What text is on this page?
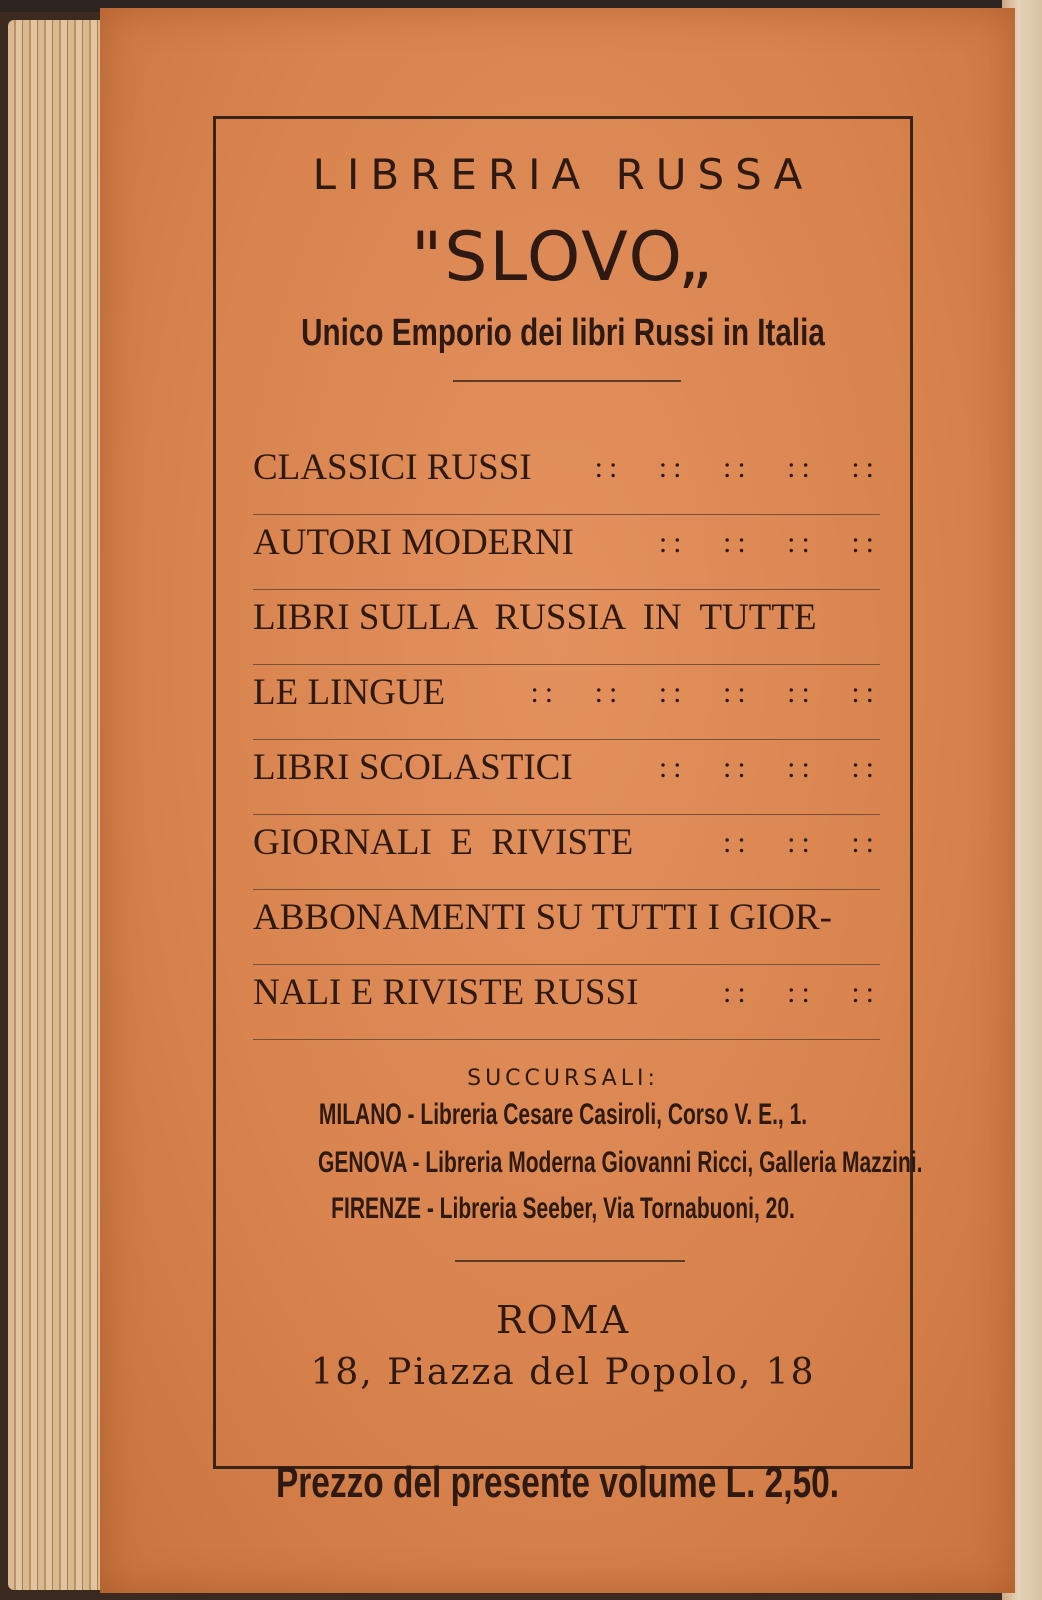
LIBRERIA RUSSA
"SLOVO„
Unico Emporio dei libri Russi in Italia
CLASSICI RUSSI :: :: :: :: ::
AUTORI MODERNI	:: :: :: ::
LIBRI SULLA  RUSSIA  IN  TUTTE
LE LINGUE	:: :: :: :: :: ::
LIBRI SCOLASTICI	:: :: :: ::
GIORNALI  E  RIVISTE	:: :: ::
ABBONAMENTI SU TUTTI I GIOR-
NALI E RIVISTE RUSSI	:: :: ::
SUCCURSALI:
MILANO - Libreria Cesare Casiroli, Corso V. E., 1.
GENOVA - Libreria Moderna Giovanni Ricci, Galleria Mazzini.
FIRENZE - Libreria Seeber, Via Tornabuoni, 20.
ROMA
18, Piazza del Popolo, 18
Prezzo del presente volume L. 2,50.
